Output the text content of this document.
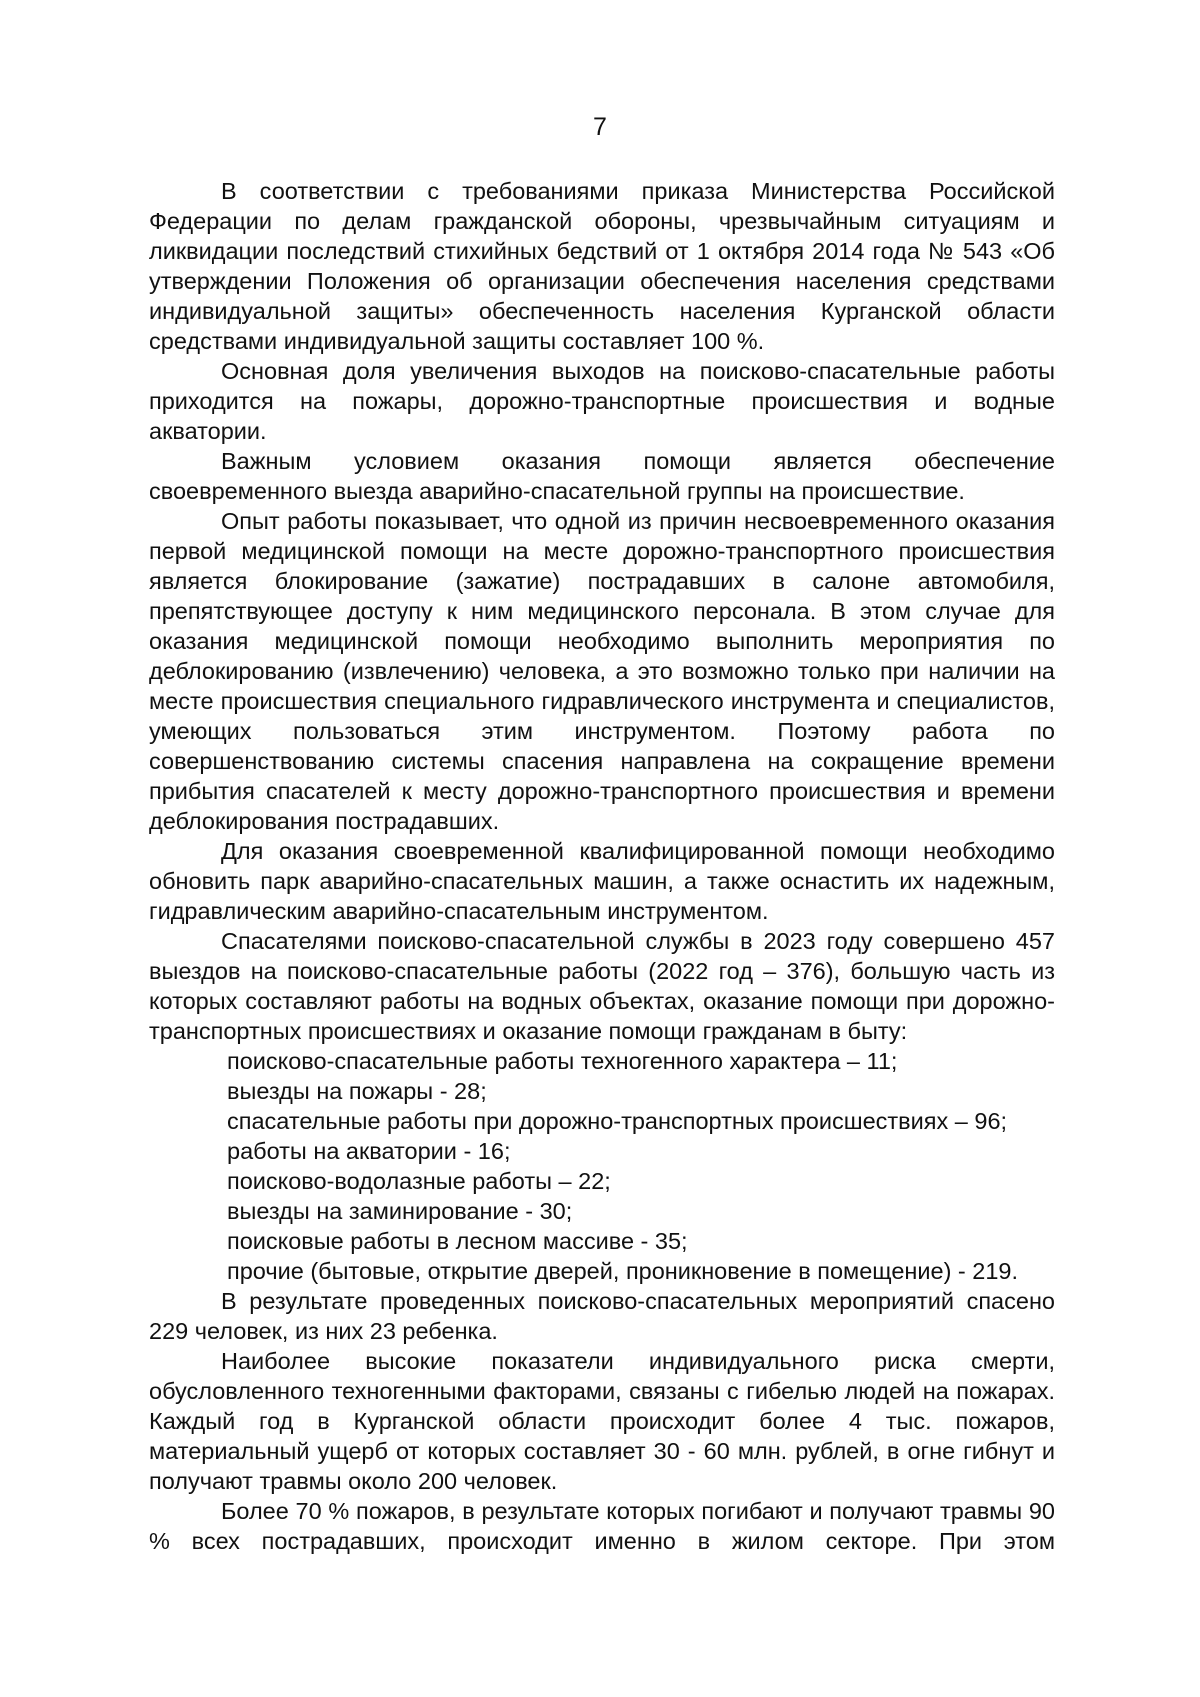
7

В соответствии с требованиями приказа Министерства Российской Федерации по делам гражданской обороны, чрезвычайным ситуациям и ликвидации последствий стихийных бедствий от 1 октября 2014 года № 543 «Об утверждении Положения об организации обеспечения населения средствами индивидуальной защиты» обеспеченность населения Курганской области средствами индивидуальной защиты составляет 100 %.

Основная доля увеличения выходов на поисково-спасательные работы приходится на пожары, дорожно-транспортные происшествия и водные акватории.

Важным условием оказания помощи является обеспечение своевременного выезда аварийно-спасательной группы на происшествие.

Опыт работы показывает, что одной из причин несвоевременного оказания первой медицинской помощи на месте дорожно-транспортного происшествия является блокирование (зажатие) пострадавших в салоне автомобиля, препятствующее доступу к ним медицинского персонала. В этом случае для оказания медицинской помощи необходимо выполнить мероприятия по деблокированию (извлечению) человека, а это возможно только при наличии на месте происшествия специального гидравлического инструмента и специалистов, умеющих пользоваться этим инструментом. Поэтому работа по совершенствованию системы спасения направлена на сокращение времени прибытия спасателей к месту дорожно-транспортного происшествия и времени деблокирования пострадавших.

Для оказания своевременной квалифицированной помощи необходимо обновить парк аварийно-спасательных машин, а также оснастить их надежным, гидравлическим аварийно-спасательным инструментом.

Спасателями поисково-спасательной службы в 2023 году совершено 457 выездов на поисково-спасательные работы (2022 год – 376), большую часть из которых составляют работы на водных объектах, оказание помощи при дорожно-транспортных происшествиях и оказание помощи гражданам в быту:

поисково-спасательные работы техногенного характера – 11;
выезды на пожары - 28;
спасательные работы при дорожно-транспортных происшествиях – 96;
работы на акватории - 16;
поисково-водолазные работы – 22;
выезды на заминирование - 30;
поисковые работы в лесном массиве - 35;
прочие (бытовые, открытие дверей, проникновение в помещение) - 219.

В результате проведенных поисково-спасательных мероприятий спасено 229 человек, из них 23 ребенка.

Наиболее высокие показатели индивидуального риска смерти, обусловленного техногенными факторами, связаны с гибелью людей на пожарах. Каждый год в Курганской области происходит более 4 тыс. пожаров, материальный ущерб от которых составляет 30 - 60 млн. рублей, в огне гибнут и получают травмы около 200 человек.

Более 70 % пожаров, в результате которых погибают и получают травмы 90 % всех пострадавших, происходит именно в жилом секторе. При этом
